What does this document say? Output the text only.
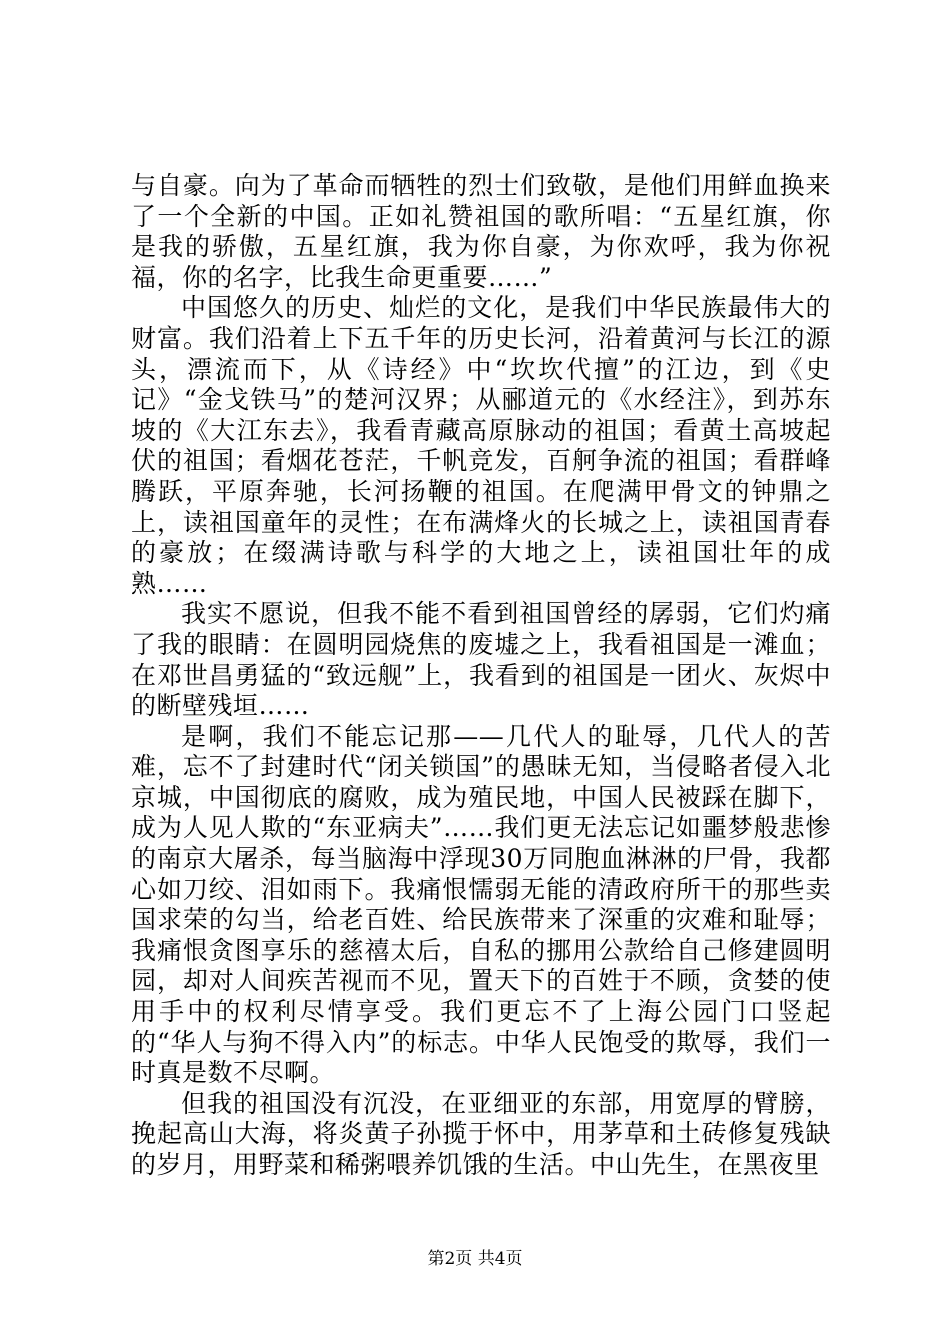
与自豪。向为了革命而牺牲的烈士们致敬，是他们用鲜血换来了一个全新的中国。正如礼赞祖国的歌所唱：“五星红旗，你是我的骄傲，五星红旗，我为你自豪，为你欢呼，我为你祝福，你的名字，比我生命更重要……”

中国悠久的历史、灿烂的文化，是我们中华民族最伟大的财富。我们沿着上下五千年的历史长河，沿着黄河与长江的源头，漂流而下，从《诗经》中“坎坎代擅”的江边，到《史记》“金戈铁马”的楚河汉界；从郦道元的《水经注》，到苏东坡的《大江东去》，我看青藏高原脉动的祖国；看黄土高坡起伏的祖国；看烟花苍茫，千帆竞发，百舸争流的祖国；看群峰腾跃，平原奔驰，长河扬鞭的祖国。在爬满甲骨文的钟鼎之上，读祖国童年的灵性；在布满烽火的长城之上，读祖国青春的豪放；在缀满诗歌与科学的大地之上，读祖国壮年的成熟……

我实不愿说，但我不能不看到祖国曾经的孱弱，它们灼痛了我的眼睛：在圆明园烧焦的废墟之上，我看祖国是一滩血；在邓世昌勇猛的“致远舰”上，我看到的祖国是一团火、灰烬中的断壁残垣……

是啊，我们不能忘记那——几代人的耻辱，几代人的苦难，忘不了封建时代“闭关锁国”的愚昧无知，当侵略者侵入北京城，中国彻底的腐败，成为殖民地，中国人民被踩在脚下，成为人见人欺的“东亚病夫”……我们更无法忘记如噩梦般悲惨的南京大屠杀，每当脑海中浮现30万同胞血淋淋的尸骨，我都心如刀绞、泪如雨下。我痛恨懦弱无能的清政府所干的那些卖国求荣的勾当，给老百姓、给民族带来了深重的灾难和耻辱；我痛恨贪图享乐的慈禧太后，自私的挪用公款给自己修建圆明园，却对人间疾苦视而不见，置天下的百姓于不顾，贪婪的使用手中的权利尽情享受。我们更忘不了上海公园门口竖起的“华人与狗不得入内”的标志。中华人民饱受的欺辱，我们一时真是数不尽啊。

但我的祖国没有沉没，在亚细亚的东部，用宽厚的臂膀，挽起高山大海，将炎黄子孙揽于怀中，用茅草和土砖修复残缺的岁月，用野菜和稀粥喂养饥饿的生活。中山先生，在黑夜里

第2页 共4页
